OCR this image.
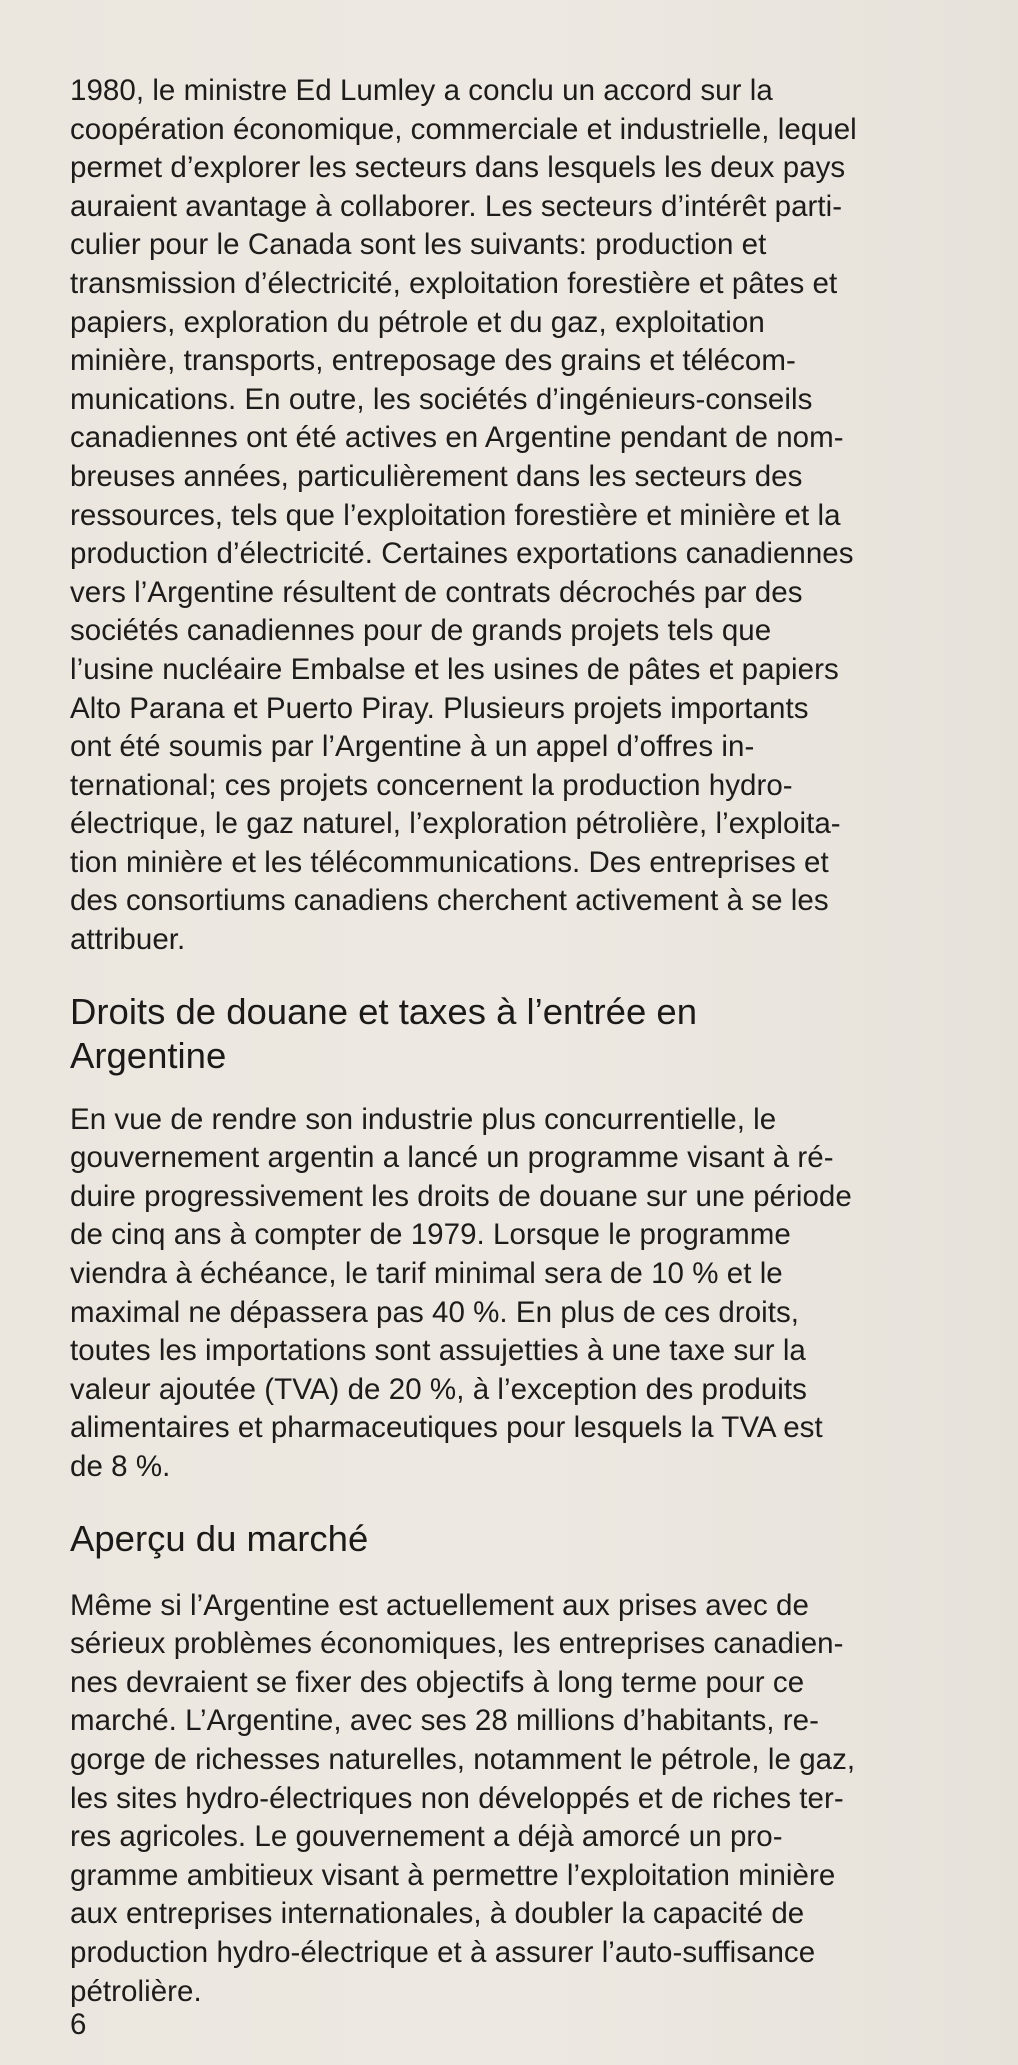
1980, le ministre Ed Lumley a conclu un accord sur la
coopération économique, commerciale et industrielle, lequel
permet d’explorer les secteurs dans lesquels les deux pays
auraient avantage à collaborer. Les secteurs d’intérêt parti-
culier pour le Canada sont les suivants: production et
transmission d’électricité, exploitation forestière et pâtes et
papiers, exploration du pétrole et du gaz, exploitation
minière, transports, entreposage des grains et télécom-
munications. En outre, les sociétés d’ingénieurs-conseils
canadiennes ont été actives en Argentine pendant de nom-
breuses années, particulièrement dans les secteurs des
ressources, tels que l’exploitation forestière et minière et la
production d’électricité. Certaines exportations canadiennes
vers l’Argentine résultent de contrats décrochés par des
sociétés canadiennes pour de grands projets tels que
l’usine nucléaire Embalse et les usines de pâtes et papiers
Alto Parana et Puerto Piray. Plusieurs projets importants
ont été soumis par l’Argentine à un appel d’offres in-
ternational; ces projets concernent la production hydro-
électrique, le gaz naturel, l’exploration pétrolière, l’exploita-
tion minière et les télécommunications. Des entreprises et
des consortiums canadiens cherchent activement à se les
attribuer.

Droits de douane et taxes à l’entrée en
Argentine

En vue de rendre son industrie plus concurrentielle, le
gouvernement argentin a lancé un programme visant à ré-
duire progressivement les droits de douane sur une période
de cinq ans à compter de 1979. Lorsque le programme
viendra à échéance, le tarif minimal sera de 10 % et le
maximal ne dépassera pas 40 %. En plus de ces droits,
toutes les importations sont assujetties à une taxe sur la
valeur ajoutée (TVA) de 20 %, à l’exception des produits
alimentaires et pharmaceutiques pour lesquels la TVA est
de 8 %.

Aperçu du marché

Même si l’Argentine est actuellement aux prises avec de
sérieux problèmes économiques, les entreprises canadien-
nes devraient se fixer des objectifs à long terme pour ce
marché. L’Argentine, avec ses 28 millions d’habitants, re-
gorge de richesses naturelles, notamment le pétrole, le gaz,
les sites hydro-électriques non développés et de riches ter-
res agricoles. Le gouvernement a déjà amorcé un pro-
gramme ambitieux visant à permettre l’exploitation minière
aux entreprises internationales, à doubler la capacité de
production hydro-électrique et à assurer l’auto-suffisance
pétrolière.

6
